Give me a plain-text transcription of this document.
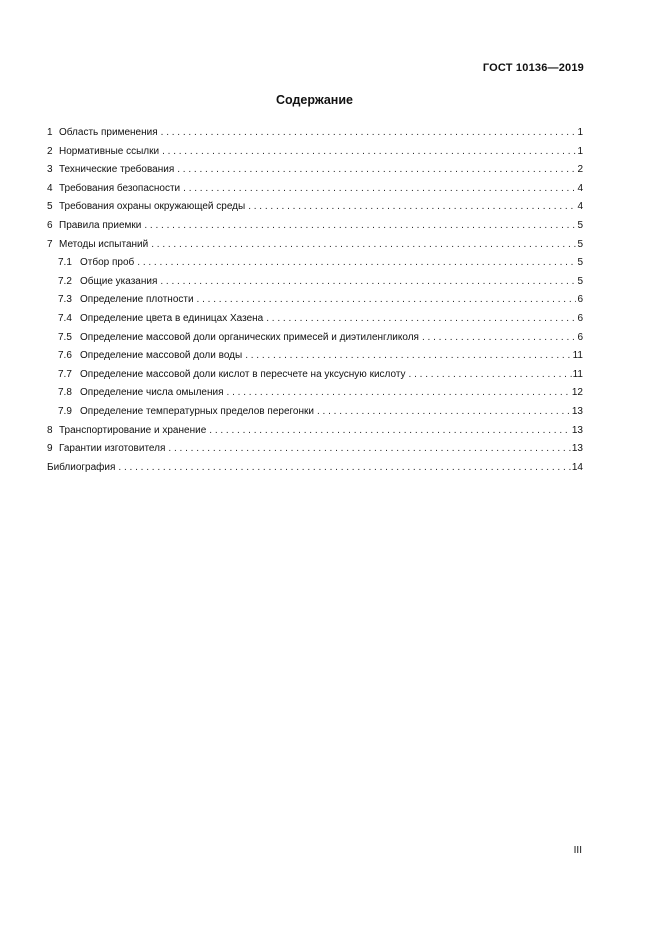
ГОСТ 10136—2019
Содержание
1 Область применения . . .	1
2 Нормативные ссылки . . .	1
3 Технические требования . . .	2
4 Требования безопасности . . .	4
5 Требования охраны окружающей среды . . .	4
6 Правила приемки . . .	5
7 Методы испытаний . . .	5
7.1 Отбор проб . . .	5
7.2 Общие указания . . .	5
7.3 Определение плотности . . .	6
7.4 Определение цвета в единицах Хазена . . .	6
7.5 Определение массовой доли органических примесей и диэтиленгликоля . . .	6
7.6 Определение массовой доли воды . . .	11
7.7 Определение массовой доли кислот в пересчете на уксусную кислоту . . .	11
7.8 Определение числа омыления . . .	12
7.9 Определение температурных пределов перегонки . . .	13
8 Транспортирование и хранение . . .	13
9 Гарантии изготовителя . . .	13
Библиография . . .	14
III
